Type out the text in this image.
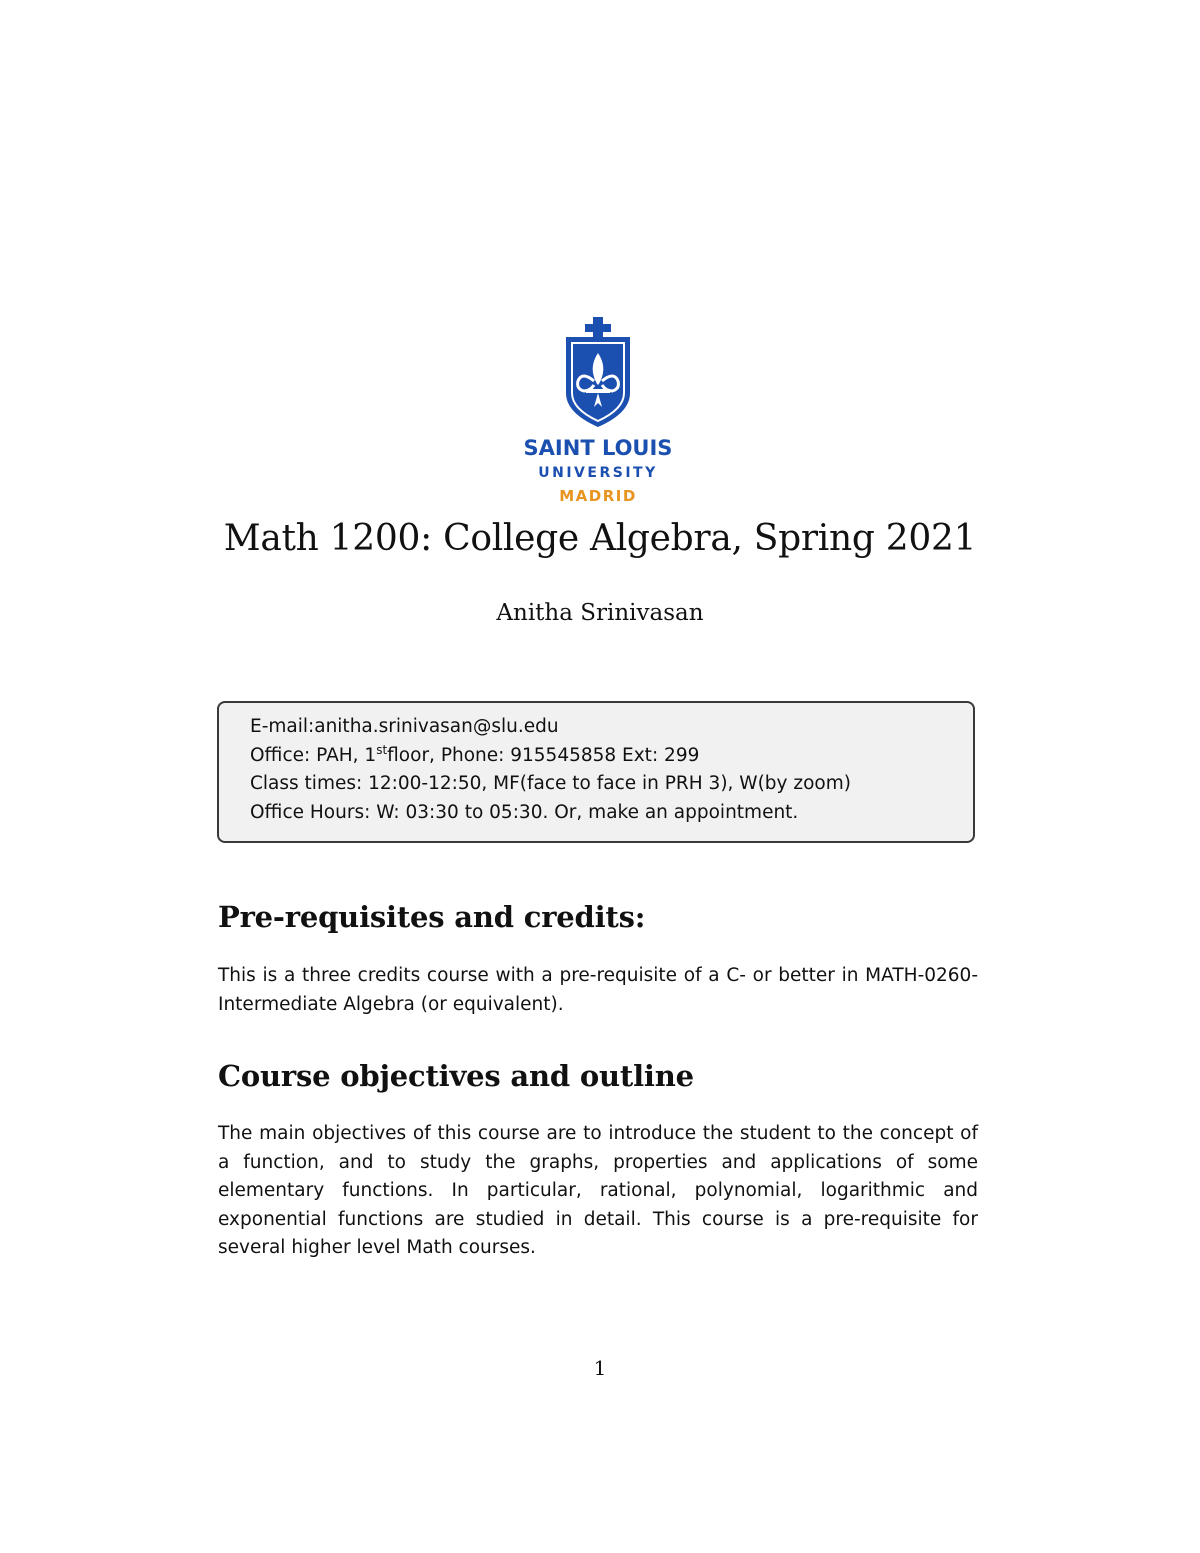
SAINT LOUIS
UNIVERSITY
MADRID
Math 1200: College Algebra, Spring 2021
Anitha Srinivasan
E-mail:anitha.srinivasan@slu.edu
Office: PAH, 1stfloor, Phone: 915545858 Ext: 299
Class times: 12:00-12:50, MF(face to face in PRH 3), W(by zoom)
Office Hours: W: 03:30 to 05:30. Or, make an appointment.
Pre-requisites and credits:

This is a three credits course with a pre-requisite of a C- or better in MATH-0260-Intermediate Algebra (or equivalent).

Course objectives and outline

The main objectives of this course are to introduce the student to the concept of a function, and to study the graphs, properties and applications of some elementary functions. In particular, rational, polynomial, logarithmic and exponential functions are studied in detail. This course is a pre-requisite for several higher level Math courses.

1
